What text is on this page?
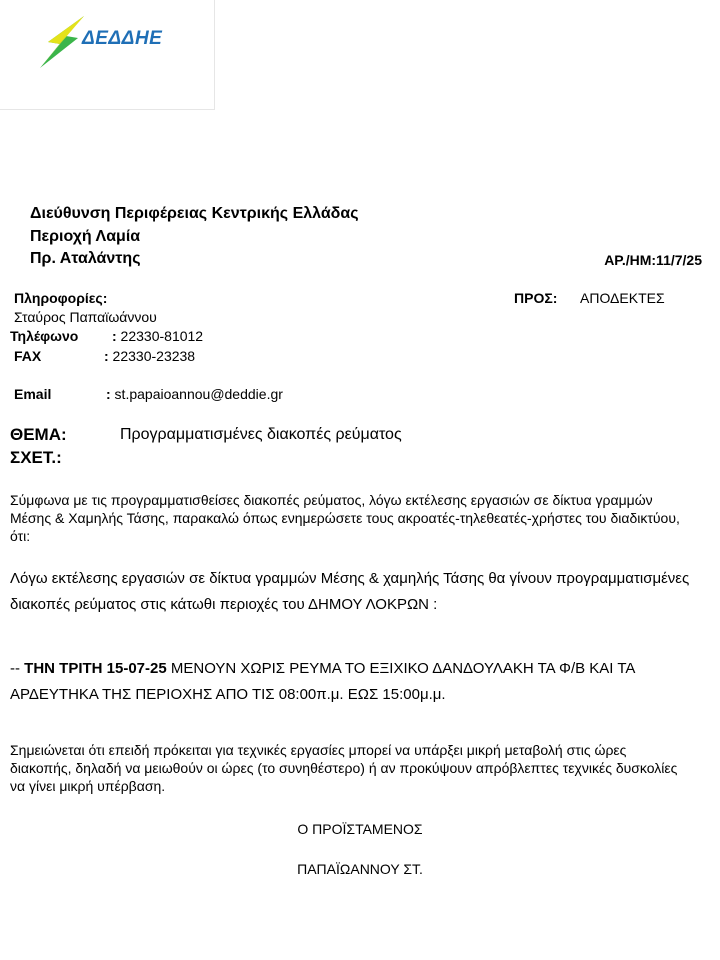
ΔΕΔΔΗΕ
Διεύθυνση Περιφέρειας Κεντρικής Ελλάδας
Περιοχή Λαμία
Πρ. Αταλάντης	ΑΡ./ΗΜ:11/7/25
Πληροφορίες:
Σταύρος Παπαϊωάννου
Τηλέφωνο : 22330-81012
FAX	: 22330-23238
Email	: st.papaioannou@deddie.gr
ΠΡΟΣ: ΑΠΟΔΕΚΤΕΣ
ΘΕΜΑ:	Προγραμματισμένες διακοπές ρεύματος
ΣΧΕΤ.:
Σύμφωνα με τις προγραμματισθείσες διακοπές ρεύματος, λόγω εκτέλεσης εργασιών σε δίκτυα γραμμών Μέσης & Χαμηλής Τάσης, παρακαλώ όπως ενημερώσετε τους ακροατές-τηλεθεατές-χρήστες του διαδικτύου, ότι:
Λόγω εκτέλεσης εργασιών σε δίκτυα γραμμών Μέσης & χαμηλής Τάσης θα γίνουν προγραμματισμένες διακοπές ρεύματος στις κάτωθι περιοχές του ΔΗΜΟΥ ΛΟΚΡΩΝ :
-- ΤΗΝ ΤΡΙΤΗ 15-07-25 ΜΕΝΟΥΝ ΧΩΡΙΣ ΡΕΥΜΑ ΤΟ ΕΞΙΧΙΚΟ ΔΑΝΔΟΥΛΑΚΗ ΤΑ Φ/Β ΚΑΙ ΤΑ ΑΡΔΕΥΤΗΚΑ ΤΗΣ ΠΕΡΙΟΧΗΣ ΑΠΟ ΤΙΣ 08:00π.μ. ΕΩΣ 15:00μ.μ.
Σημειώνεται ότι επειδή πρόκειται για τεχνικές εργασίες μπορεί να υπάρξει μικρή μεταβολή στις ώρες διακοπής, δηλαδή να μειωθούν οι ώρες (το συνηθέστερο) ή αν προκύψουν απρόβλεπτες τεχνικές δυσκολίες να γίνει μικρή υπέρβαση.
Ο ΠΡΟΪΣΤΑΜΕΝΟΣ
ΠΑΠΑΪΩΑΝΝΟΥ ΣΤ.
